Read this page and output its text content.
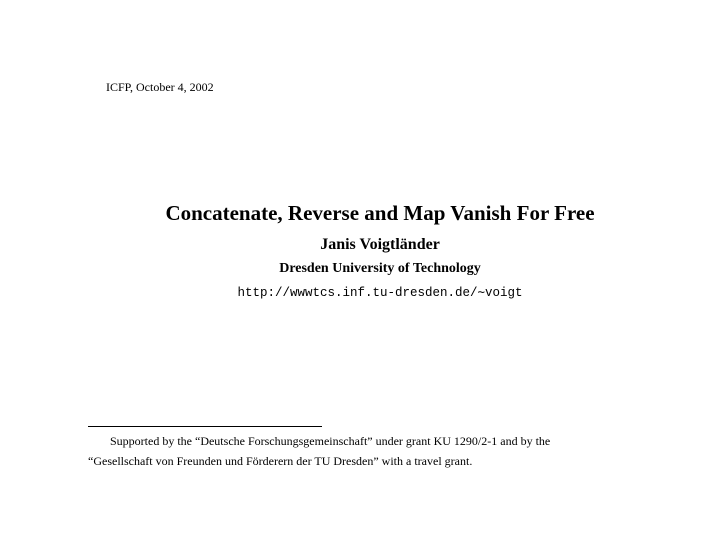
ICFP, October 4, 2002
Concatenate, Reverse and Map Vanish For Free
Janis Voigtländer
Dresden University of Technology
http://wwwtcs.inf.tu-dresden.de/∼voigt
Supported by the “Deutsche Forschungsgemeinschaft” under grant KU 1290/2-1 and by the
“Gesellschaft von Freunden und Förderern der TU Dresden” with a travel grant.
